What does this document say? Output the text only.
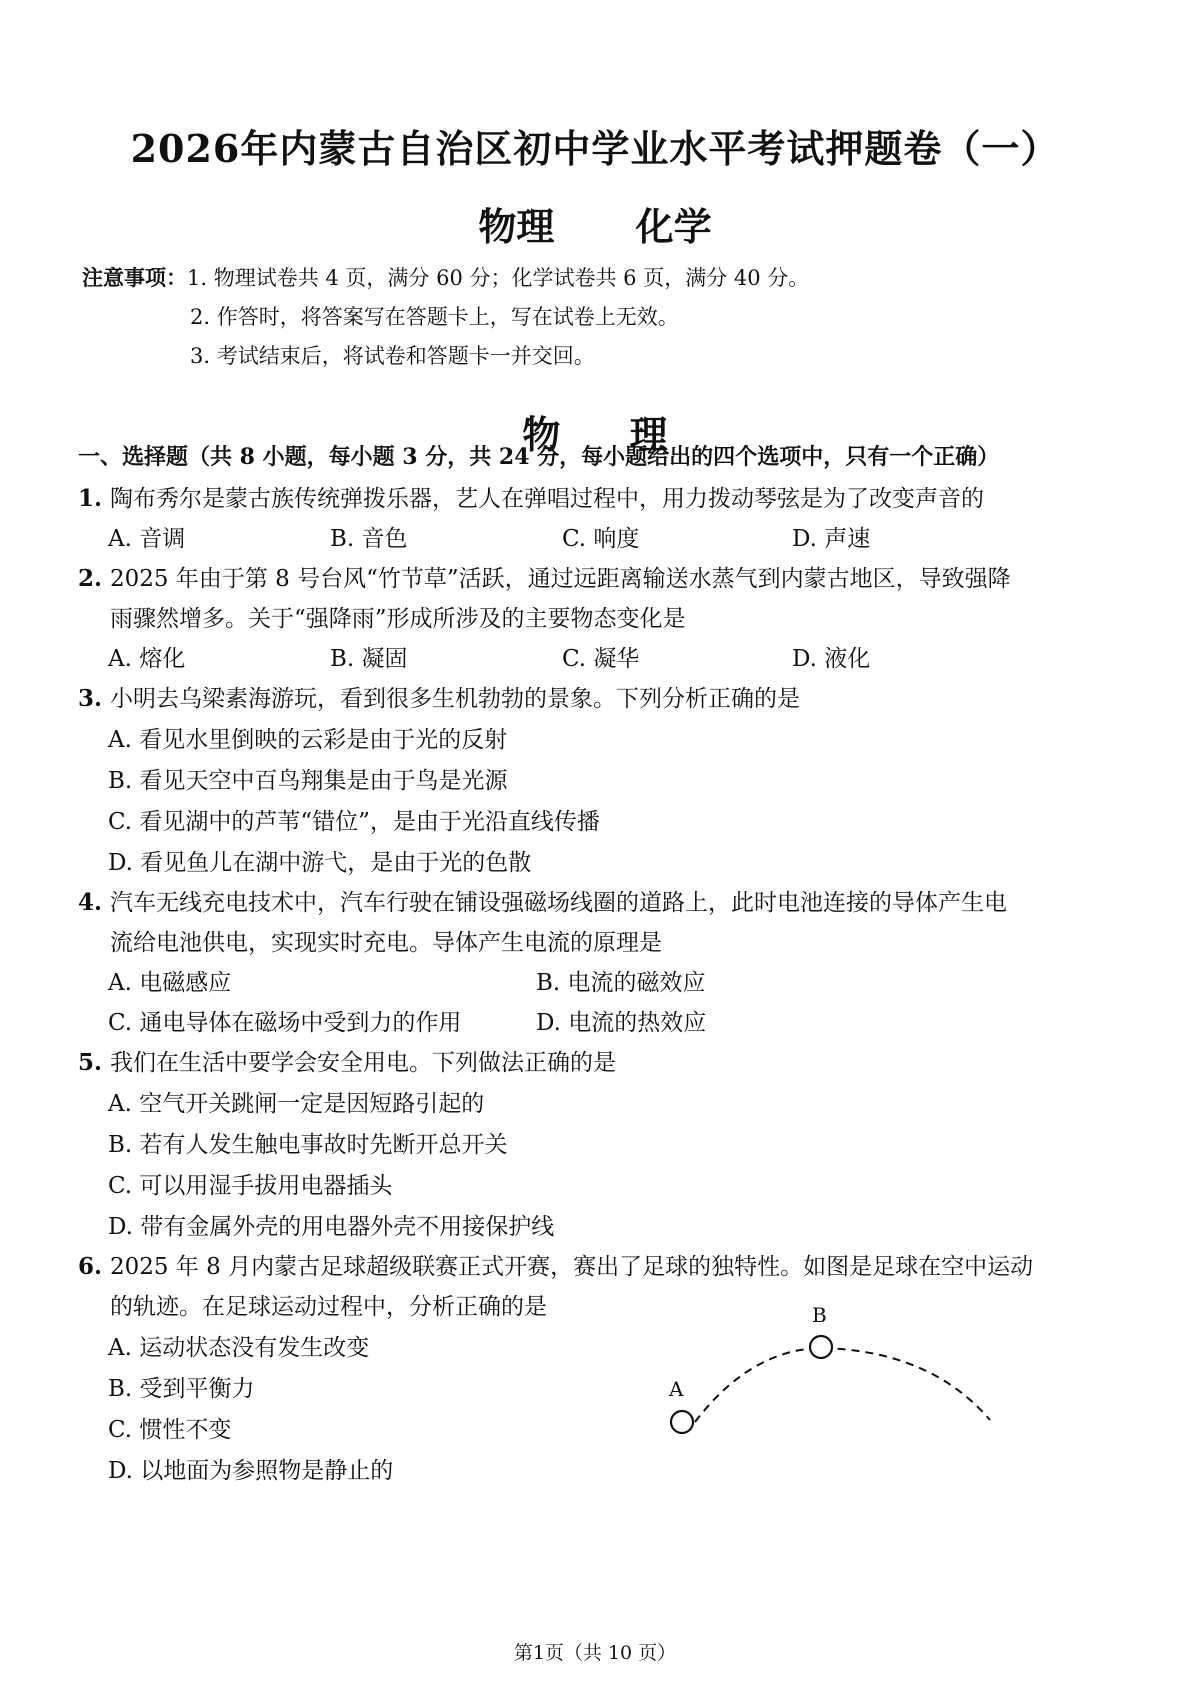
2026年内蒙古自治区初中学业水平考试押题卷（一）
物理 化学
注意事项：1. 物理试卷共 4 页，满分 60 分；化学试卷共 6 页，满分 40 分。
2. 作答时，将答案写在答题卡上，写在试卷上无效。
3. 考试结束后，将试卷和答题卡一并交回。
物 理
一、选择题（共 8 小题，每小题 3 分，共 24 分，每小题给出的四个选项中，只有一个正确）
1. 陶布秀尔是蒙古族传统弹拨乐器，艺人在弹唱过程中，用力拨动琴弦是为了改变声音的
A. 音调	B. 音色	C. 响度	D. 声速
2. 2025 年由于第 8 号台风“竹节草”活跃，通过远距离输送水蒸气到内蒙古地区，导致强降
雨骤然增多。关于“强降雨”形成所涉及的主要物态变化是
A. 熔化	B. 凝固	C. 凝华	D. 液化
3. 小明去乌梁素海游玩，看到很多生机勃勃的景象。下列分析正确的是
A. 看见水里倒映的云彩是由于光的反射
B. 看见天空中百鸟翔集是由于鸟是光源
C. 看见湖中的芦苇“错位”，是由于光沿直线传播
D. 看见鱼儿在湖中游弋，是由于光的色散
4. 汽车无线充电技术中，汽车行驶在铺设强磁场线圈的道路上，此时电池连接的导体产生电
流给电池供电，实现实时充电。导体产生电流的原理是
A. 电磁感应	B. 电流的磁效应
C. 通电导体在磁场中受到力的作用	D. 电流的热效应
5. 我们在生活中要学会安全用电。下列做法正确的是
A. 空气开关跳闸一定是因短路引起的
B. 若有人发生触电事故时先断开总开关
C. 可以用湿手拔用电器插头
D. 带有金属外壳的用电器外壳不用接保护线
6. 2025 年 8 月内蒙古足球超级联赛正式开赛，赛出了足球的独特性。如图是足球在空中运动
的轨迹。在足球运动过程中，分析正确的是
A. 运动状态没有发生改变
B. 受到平衡力
C. 惯性不变
D. 以地面为参照物是静止的
A
B
第1页（共 10 页）
